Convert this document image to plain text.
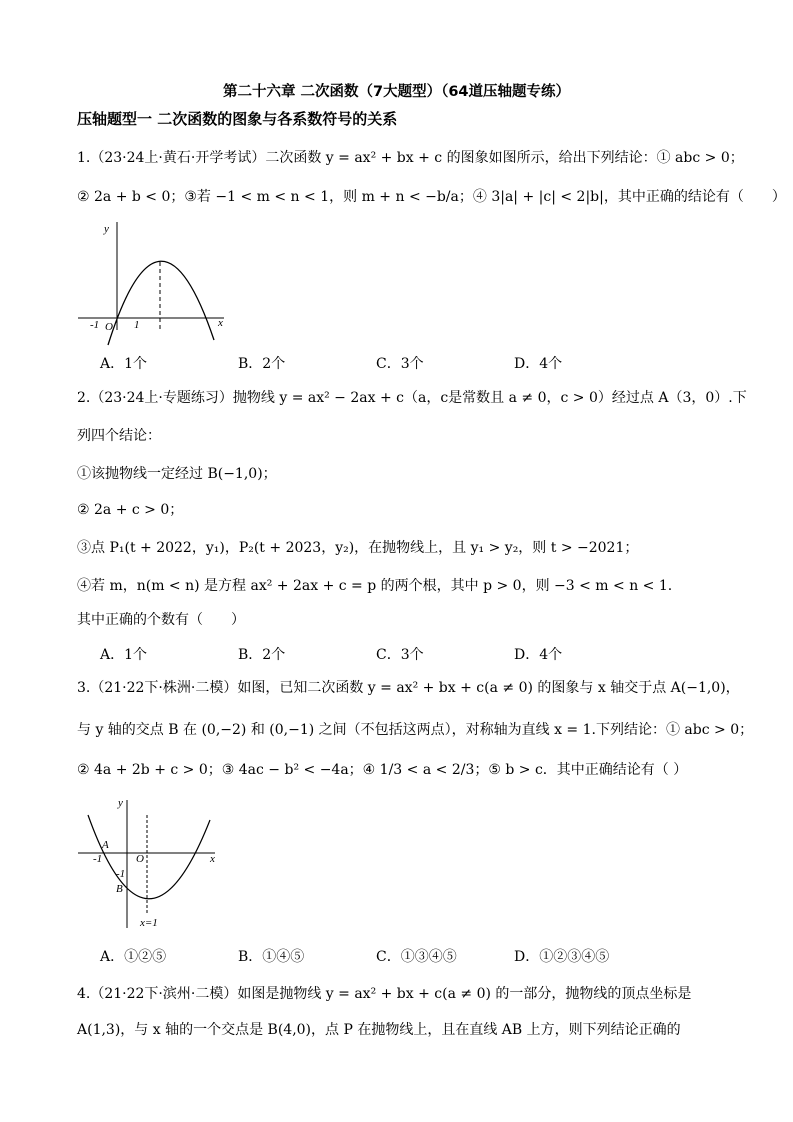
第二十六章 二次函数（7大题型）（64道压轴题专练）
压轴题型一 二次函数的图象与各系数符号的关系
1.（23·24上·黄石·开学考试）二次函数 y = ax² + bx + c 的图象如图所示，给出下列结论：① abc > 0；
② 2a + b < 0；③若 −1 < m < n < 1，则 m + n < −b/a；④ 3|a| + |c| < 2|b|，其中正确的结论有（　　）
y
x
-1 O 1
y
x
A
-1	O
-1
B
x=1
A．1个	B．2个	C．3个	D．4个
2.（23·24上·专题练习）抛物线 y = ax² − 2ax + c（a，c是常数且 a ≠ 0，c > 0）经过点 A（3，0）.下
列四个结论：
①该抛物线一定经过 B(−1,0)；
② 2a + c > 0；
③点 P₁(t + 2022，y₁)，P₂(t + 2023，y₂)，在抛物线上，且 y₁ > y₂，则 t > −2021；
④若 m，n(m < n) 是方程 ax² + 2ax + c = p 的两个根，其中 p > 0，则 −3 < m < n < 1.
其中正确的个数有（　　）
A．1个	B．2个	C．3个	D．4个
3.（21·22下·株洲·二模）如图，已知二次函数 y = ax² + bx + c(a ≠ 0) 的图象与 x 轴交于点 A(−1,0)，
与 y 轴的交点 B 在 (0,−2) 和 (0,−1) 之间（不包括这两点），对称轴为直线 x = 1.下列结论：① abc > 0；
② 4a + 2b + c > 0；③ 4ac − b² < −4a；④ 1/3 < a < 2/3；⑤ b > c．其中正确结论有（ ）
A．①②⑤	B．①④⑤	C．①③④⑤	D．①②③④⑤
4.（21·22下·滨州·二模）如图是抛物线 y = ax² + bx + c(a ≠ 0) 的一部分，抛物线的顶点坐标是
A(1,3)，与 x 轴的一个交点是 B(4,0)，点 P 在抛物线上，且在直线 AB 上方，则下列结论正确的
